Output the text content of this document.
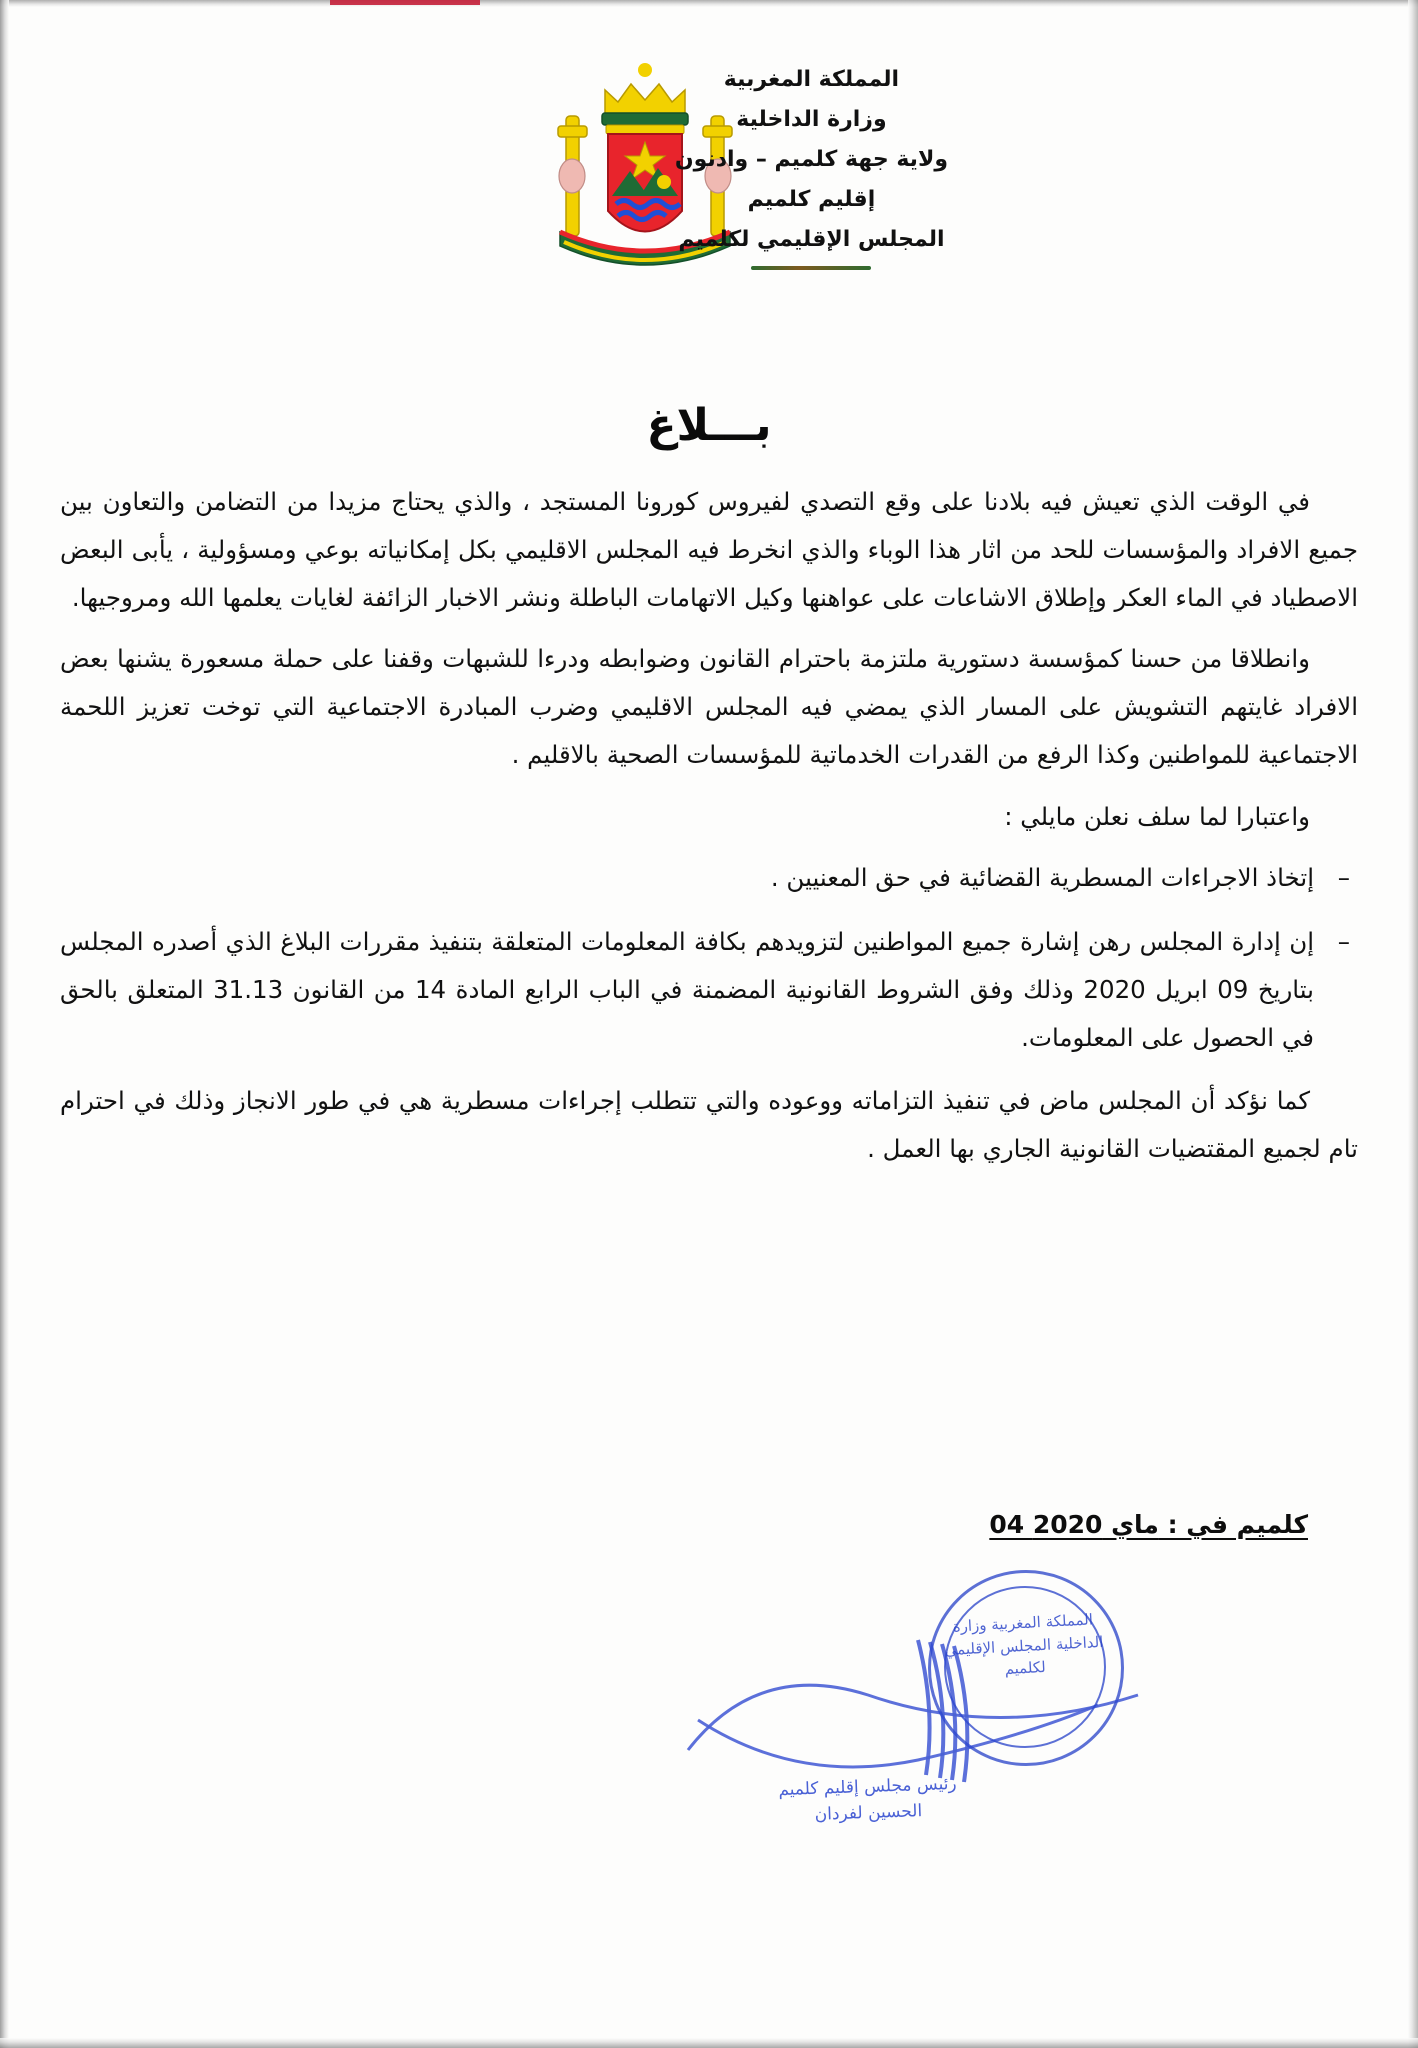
المملكة المغربية
وزارة الداخلية
ولاية جهة كلميم – وادنون
إقليم كلميم
المجلس الإقليمي لكلميم
بـــلاغ

في الوقت الذي تعيش فيه بلادنا على وقع التصدي لفيروس كورونا المستجد ، والذي يحتاج مزيدا من التضامن والتعاون بين جميع الافراد والمؤسسات للحد من اثار هذا الوباء والذي انخرط فيه المجلس الاقليمي بكل إمكانياته بوعي ومسؤولية ، يأبى البعض الاصطياد في الماء العكر وإطلاق الاشاعات على عواهنها وكيل الاتهامات الباطلة ونشر الاخبار الزائفة لغايات يعلمها الله ومروجيها.

وانطلاقا من حسنا كمؤسسة دستورية ملتزمة باحترام القانون وضوابطه ودرءا للشبهات وقفنا على حملة مسعورة يشنها بعض الافراد غايتهم التشويش على المسار الذي يمضي فيه المجلس الاقليمي وضرب المبادرة الاجتماعية التي توخت تعزيز اللحمة الاجتماعية للمواطنين وكذا الرفع من القدرات الخدماتية للمؤسسات الصحية بالاقليم .

واعتبارا لما سلف نعلن مايلي :

–
إتخاذ الاجراءات المسطرية القضائية في حق المعنيين .
–
إن إدارة المجلس رهن إشارة جميع المواطنين لتزويدهم بكافة المعلومات المتعلقة بتنفيذ مقررات البلاغ الذي أصدره المجلس بتاريخ 09 ابريل 2020 وذلك وفق الشروط القانونية المضمنة في الباب الرابع المادة 14 من القانون 31.13 المتعلق بالحق في الحصول على المعلومات.

كما نؤكد أن المجلس ماض في تنفيذ التزاماته ووعوده والتي تتطلب إجراءات مسطرية هي في طور الانجاز وذلك في احترام تام لجميع المقتضيات القانونية الجاري بها العمل .

كلميم في : 04 ماي 2020
المملكة المغربية وزارة الداخلية المجلس الإقليمي لكلميم
رئيس مجلس إقليم كلميم
الحسين لفردان
